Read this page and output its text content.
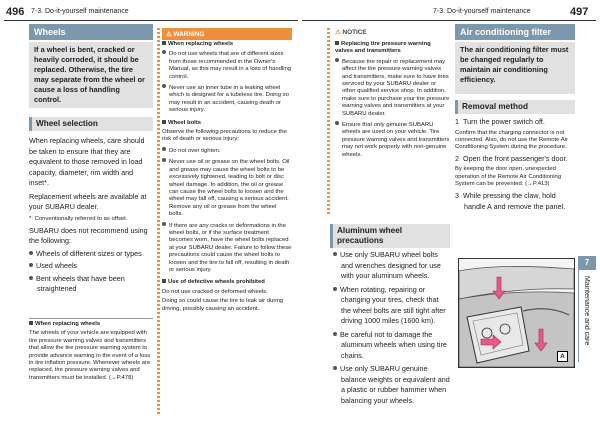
496 7-3. Do-it-yourself maintenance	7-3. Do-it-yourself maintenance	497
Wheels
If a wheel is bent, cracked or heavily corroded, it should be replaced. Otherwise, the tire may separate from the wheel or cause a loss of handling control.
Wheel selection

When replacing wheels, care should be taken to ensure that they are equivalent to those removed in load capacity, diameter, rim width and inset*.

Replacement wheels are available at your SUBARU dealer.

*: Conventionally referred to as offset.

SUBARU does not recommend using the following:

Wheels of different sizes or types

Used wheels

Bent wheels that have been straightened

When replacing wheels

The wheels of your vehicle are equipped with tire pressure warning valves and transmitters that allow the tire pressure warning system to provide advance warning in the event of a loss in tire inflation pressure. Whenever wheels are replaced, tire pressure warning valves and transmitters must be installed. (→P.478)

⚠ WARNING

When replacing wheels

Do not use wheels that are of different sizes from those recommended in the Owner's Manual, as this may result in a loss of handling control.

Never use an inner tube in a leaking wheel which is designed for a tubeless tire. Doing so may result in an accident, causing death or serious injury.

Wheel bolts

Observe the following precautions to reduce the risk of death or serious injury:

Do not over tighten.

Never use oil or grease on the wheel bolts. Oil and grease may cause the wheel bolts to be excessively tightened, leading to bolt or disc wheel damage. In addition, the oil or grease can cause the wheel bolts to loosen and the wheel may fall off, causing a serious accident. Remove any oil or grease from the wheel bolts.

If there are any cracks or deformations in the wheel bolts, or if the surface treatment becomes worn, have the wheel bolts replaced at your SUBARU dealer. Failure to follow these precautions could cause the wheel bolts to loosen and the tire to fall off, resulting in death or serious injury.

Use of defective wheels prohibited

Do not use cracked or deformed wheels.

Doing so could cause the tire to leak air during driving, possibly causing an accident.

⚠ NOTICE

Replacing tire pressure warning valves and transmitters

Because tire repair or replacement may affect the tire pressure warning valves and transmitters, make sure to have tires serviced by your SUBARU dealer or other qualified service shop. In addition, make sure to purchase your tire pressure warning valves and transmitters at your SUBARU dealer.

Ensure that only genuine SUBARU wheels are used on your vehicle. Tire pressure warning valves and transmitters may not work properly with non-genuine wheels.

Aluminum wheel precautions

Use only SUBARU wheel bolts and wrenches designed for use with your aluminum wheels.

When rotating, repairing or changing your tires, check that the wheel bolts are still tight after driving 1000 miles (1600 km).

Be careful not to damage the aluminum wheels when using tire chains.

Use only SUBARU genuine balance weights or equivalent and a plastic or rubber hammer when balancing your wheels.

Air conditioning filter
The air conditioning filter must be changed regularly to maintain air conditioning efficiency.
Removal method

1 Turn the power switch off.

Confirm that the charging connector is not connected. Also, do not use the Remote Air Conditioning System during the procedure.

2 Open the front passenger's door.

By keeping the door open, unexpected operation of the Remote Air Conditioning System can be prevented. (→P.413)

3 While pressing the claw, hold handle A and remove the panel.

A
7
Maintenance and care
